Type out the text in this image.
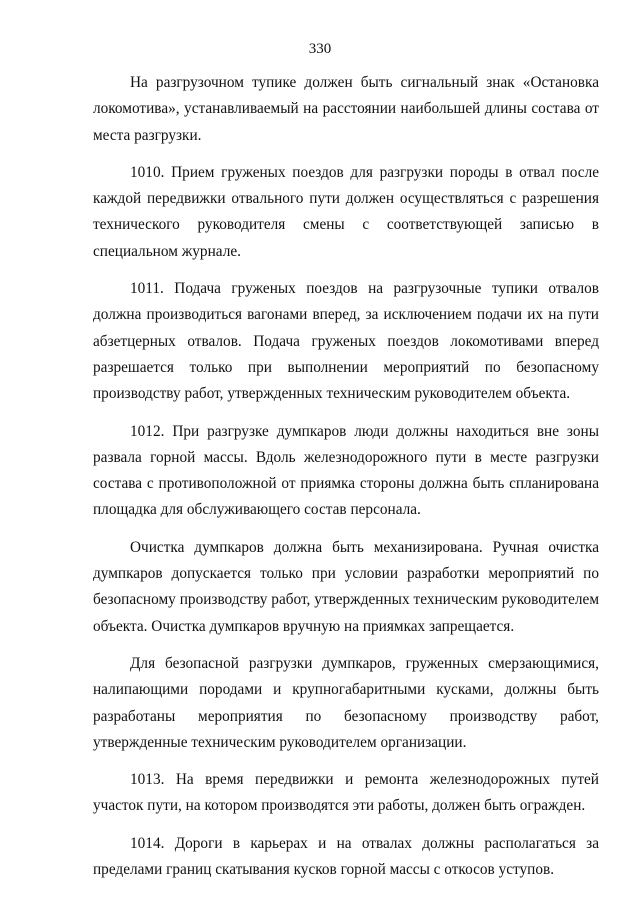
330

На разгрузочном тупике должен быть сигнальный знак «Остановка локомотива», устанавливаемый на расстоянии наибольшей длины состава от места разгрузки.

1010. Прием груженых поездов для разгрузки породы в отвал после каждой передвижки отвального пути должен осуществляться с разрешения технического руководителя смены с соответствующей записью в специальном журнале.

1011. Подача груженых поездов на разгрузочные тупики отвалов должна производиться вагонами вперед, за исключением подачи их на пути абзетцерных отвалов. Подача груженых поездов локомотивами вперед разрешается только при выполнении мероприятий по безопасному производству работ, утвержденных техническим руководителем объекта.

1012. При разгрузке думпкаров люди должны находиться вне зоны развала горной массы. Вдоль железнодорожного пути в месте разгрузки состава с противоположной от приямка стороны должна быть спланирована площадка для обслуживающего состав персонала.

Очистка думпкаров должна быть механизирована. Ручная очистка думпкаров допускается только при условии разработки мероприятий по безопасному производству работ, утвержденных техническим руководителем объекта. Очистка думпкаров вручную на приямках запрещается.

Для безопасной разгрузки думпкаров, груженных смерзающимися, налипающими породами и крупногабаритными кусками, должны быть разработаны мероприятия по безопасному производству работ, утвержденные техническим руководителем организации.

1013. На время передвижки и ремонта железнодорожных путей участок пути, на котором производятся эти работы, должен быть огражден.

1014. Дороги в карьерах и на отвалах должны располагаться за пределами границ скатывания кусков горной массы с откосов уступов.
